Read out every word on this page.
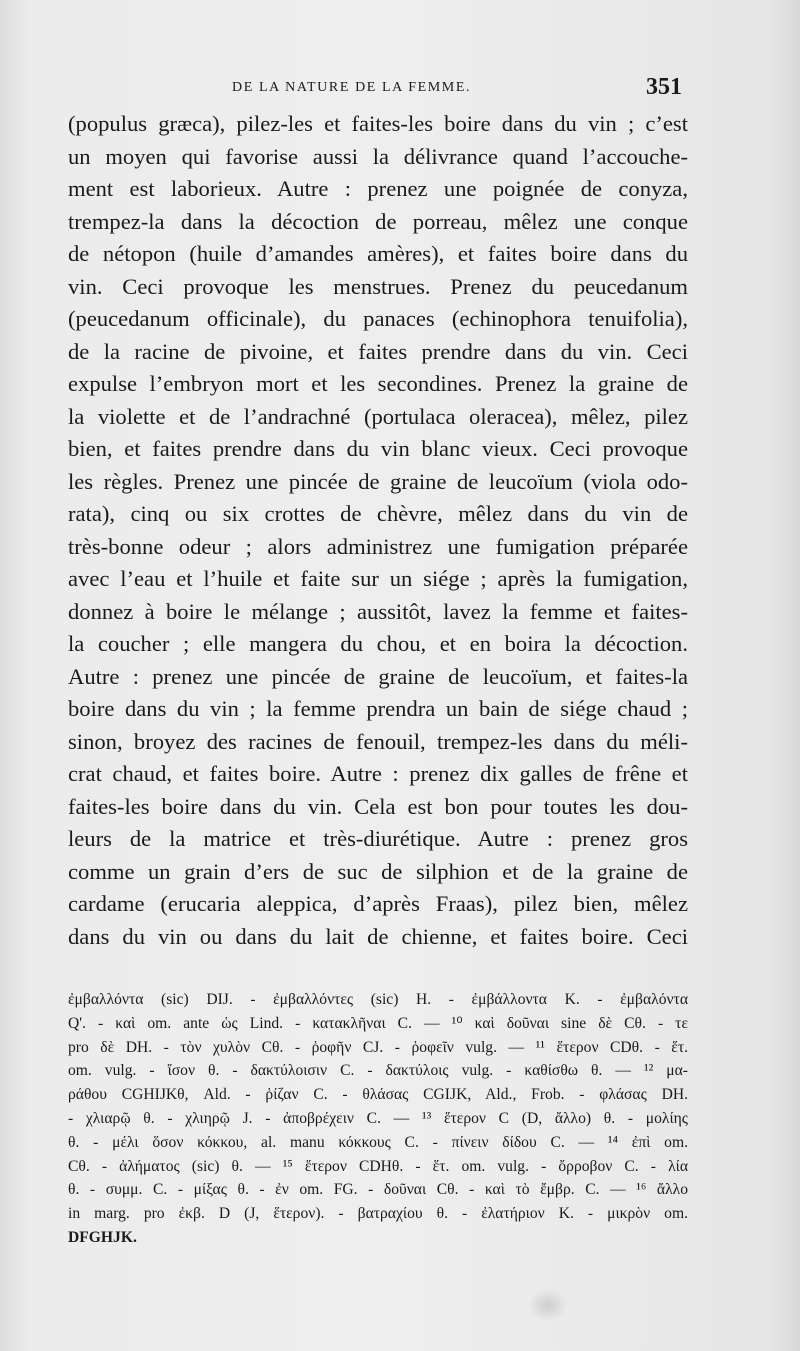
DE LA NATURE DE LA FEMME.	351
(populus græca), pilez-les et faites-les boire dans du vin ; c’est
un moyen qui favorise aussi la délivrance quand l’accouche-
ment est laborieux. Autre : prenez une poignée de conyza,
trempez-la dans la décoction de porreau, mêlez une conque
de nétopon (huile d’amandes amères), et faites boire dans du
vin. Ceci provoque les menstrues. Prenez du peucedanum
(peucedanum officinale), du panaces (echinophora tenuifolia),
de la racine de pivoine, et faites prendre dans du vin. Ceci
expulse l’embryon mort et les secondines. Prenez la graine de
la violette et de l’andrachné (portulaca oleracea), mêlez, pilez
bien, et faites prendre dans du vin blanc vieux. Ceci provoque
les règles. Prenez une pincée de graine de leucoïum (viola odo-
rata), cinq ou six crottes de chèvre, mêlez dans du vin de
très-bonne odeur ; alors administrez une fumigation préparée
avec l’eau et l’huile et faite sur un siége ; après la fumigation,
donnez à boire le mélange ; aussitôt, lavez la femme et faites-
la coucher ; elle mangera du chou, et en boira la décoction.
Autre : prenez une pincée de graine de leucoïum, et faites-la
boire dans du vin ; la femme prendra un bain de siége chaud ;
sinon, broyez des racines de fenouil, trempez-les dans du méli-
crat chaud, et faites boire. Autre : prenez dix galles de frêne et
faites-les boire dans du vin. Cela est bon pour toutes les dou-
leurs de la matrice et très-diurétique. Autre : prenez gros
comme un grain d’ers de suc de silphion et de la graine de
cardame (erucaria aleppica, d’après Fraas), pilez bien, mêlez
dans du vin ou dans du lait de chienne, et faites boire. Ceci
ἐμβαλλόντα (sic) DIJ. - ἐμβαλλόντες (sic) H. - ἐμβάλλοντα K. - ἐμβαλόντα
Q'. - καὶ om. ante ὡς Lind. - κατακλῆναι C. — ¹⁰ καὶ δοῦναι sine δὲ Cθ. - τε
pro δὲ DH. - τὸν χυλὸν Cθ. - ῥοφῆν CJ. - ῥοφεῖν vulg. — ¹¹ ἕτερον CDθ. - ἕτ.
om. vulg. - ἴσον θ. - δακτύλοισιν C. - δακτύλοις vulg. - καθίσθω θ. — ¹² μα-
ράθου CGHIJKθ, Ald. - ῥίζαν C. - θλάσας CGIJK, Ald., Frob. - φλάσας DH.
- χλιαρῷ θ. - χλιηρῷ J. - ἀποβρέχειν C. — ¹³ ἕτερον C (D, ἄλλο) θ. - μολίης
θ. - μέλι ὅσον κόκκου, al. manu κόκκους C. - πίνειν δίδου C. — ¹⁴ ἐπὶ om.
Cθ. - ἀλήματος (sic) θ. — ¹⁵ ἕτερον CDHθ. - ἕτ. om. vulg. - ὄρροβον C. - λία
θ. - συμμ. C. - μίξας θ. - ἐν om. FG. - δοῦναι Cθ. - καὶ τὸ ἔμβρ. C. — ¹⁶ ἄλλο
in marg. pro ἐκβ. D (J, ἕτερον). - βατραχίου θ. - ἐλατήριον K. - μικρὸν om.
DFGHJK.
